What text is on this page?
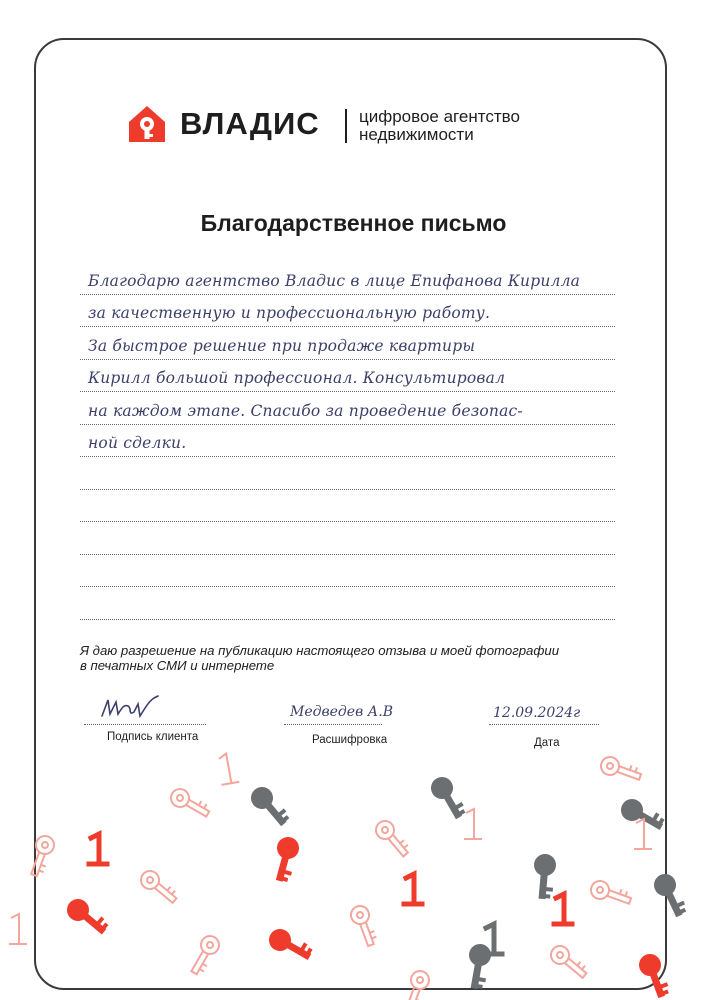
ВЛАДИС цифровое агентство
недвижимости
Благодарственное письмо
Благодарю агентство Владис в лице Епифанова Кирилла
за качественную и профессиональную работу.
За быстрое решение при продаже квартиры
Кирилл большой профессионал. Консультировал
на каждом этапе. Спасибо за проведение безопас-
ной сделки.
Я даю разрешение на публикацию настоящего отзыва и моей фотографии
в печатных СМИ и интернете
Подпись клиента
Медведев А.В
Расшифровка
12.09.2024г
Дата
